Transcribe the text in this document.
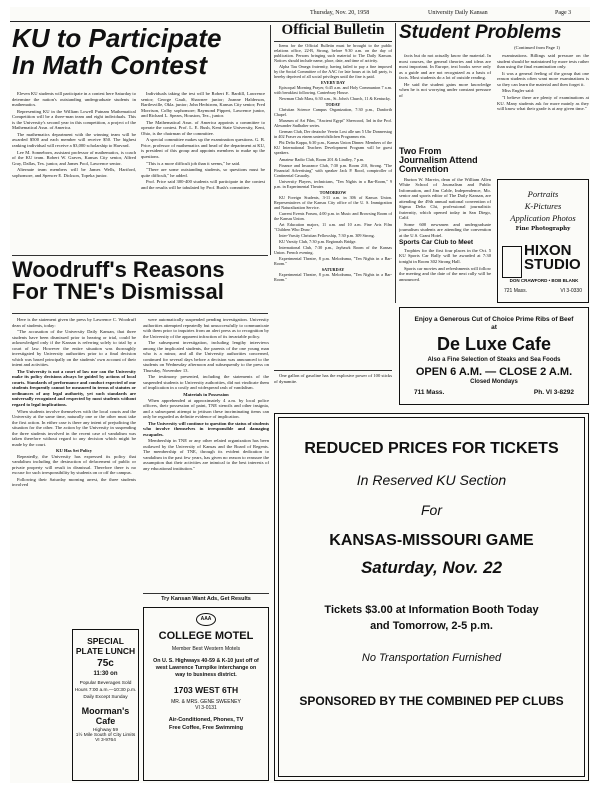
Thursday, Nov. 20, 1958	University Daily Kansan	Page 3
KU to Participate
In Math Contest

Eleven KU students will participate in a contest here Saturday to determine the nation's outstanding undergraduate students in mathematics.

Representing KU in the William Lowell Putnam Mathematical Competition will be a three-man team and eight individuals. This is the University's second year in this competition, a project of the Mathematical Assn. of America.

The mathematics department with the winning team will be awarded $500 and each member will receive $50. The highest ranking individual will receive a $3,000 scholarship to Harvard.

Lee M. Sonneborn, assistant professor of mathematics, is coach of the KU team. Robert W. Graves, Kansas City senior, Alfred Gray, Dallas, Tex. junior, and James Pool, Lawrence senior.

Alternate team members will be James Wells, Hartford, sophomore, and Spencer E. Dickson, Topeka junior.

Individuals taking the test will be Robert E. Bardill, Lawrence senior; George Gault, Shawnee junior; Joanne Halderson, Bartlesville, Okla. junior; John Hedstrom, Kansas City senior; Fred Morrison, Colby sophomore; Raymond Pippert, Lawrence junior, and Richard L. Spears, Houston, Tex., junior.

The Mathematical Assn. of America appoints a committee to operate the contest. Prof. L. E. Bush, Kent State University, Kent, Ohio, is the chairman of the committee.

A special committee makes up the examination questions. G. B. Price, professor of mathematics and head of the department at KU, is president of this group and appoints members to make up the questions.

"This is a more difficult job than it seems," he said.

"There are some outstanding students, so questions must be quite difficult," he added.

Prof. Price said 300-400 students will participate in the contest and the results will be tabulated by Prof. Bush's committee.

Official Bulletin

Items for the Official Bulletin must be brought to the public relations office, 22-B, Strong, before 9:30 a.m. on the day of publication. Persons bringing such material to The Daily Kansan. Notices should include name, place, date, and time of activity.

Alpha Tau Omega fraternity, having failed to pay a fine imposed by the Social Committee of the AAC for late hours at its fall party, is hereby deprived of all social privileges until the fine is paid.

EVERY DAY

Episcopal Morning Prayer, 6:45 a.m. and Holy Communion 7 a.m. with breakfast following. Canterbury House.

Newman Club Mass, 6:30 a.m., St. John's Church, 11 & Kentucky.

TODAY

Christian Science Campus Organization, 7:30 p.m., Danforth Chapel.

Museum of Art Film, "Ancient Egypt" Sherwood, 3rd in the Prof. Alexander Sudhalter series.

German Club, Der deutsche Verein Lost alle um 5 Uhr Donnerstag in 402 Fraser zu einem unterrichtlichen Programm ein.

Phi Delta Kappa, 6:30 p.m., Kansas Union Dinner. Members of the KU International Teachers Development Program will be guest speakers.

Amateur Radio Club, Room 201 & Lindley, 7 p.m.

Finance and Insurance Club, 7:30 p.m. Room 210, Strong. "The Financial Advertising" with speaker Jack P. Rood, comptroller of Continental Casualty.

University Players, technicians, "Ten Nights in a Bar-Room," 9 p.m. in Experimental Theater.

TOMORROW

KU Foreign Students, 3-11 a.m. in 306 of Kansas Union. Representatives of the Kansas City office of the U. S. Immigration and Naturalization Service.

Current Events Forum, 4:00 p.m. in Music and Browsing Room of the Kansas Union.

Art Education majors, 11 a.m. and 10 a.m. Fine Arts Film "Children Who Draw."

Inter-Varsity Christian Fellowship, 7:30 p.m. 309 Strong.

KU Varsity Club, 7:30 p.m. Regionals Bridge.

International Club, 7:30 p.m., Jayhawk Room of the Kansas Union. French evening.

Experimental Theatre, 8 p.m. Melodrama, "Ten Nights in a Bar-Room."

SATURDAY

Experimental Theatre, 8 p.m. Melodrama, "Ten Nights in a Bar-Room."

One gallon of gasoline has the explosive power of 100 sticks of dynamite.

Student Problems
(Continued from Page 1)

facts but do not actually know the material. In most courses, the general theories and ideas are most important. In Europe, text books serve only as a guide and are not recognized as a basis of facts. Most students do a lot of outside reading.

He said the student gains more knowledge when he is not worrying under constant pressure of

examinations. Billings said pressure on the student should be maintained by more tests rather than using the final examination only.

It was a general feeling of the group that one reason students often want more examinations is so they can learn the material and then forget it.

Miss Engler said:

"I believe there are plenty of examinations at KU. Many students ask for more mainly as they will know what their grade is at any given time."

Two From Journalism Attend Convention

Burton W. Marvin, dean of the William Allen White School of Journalism and Public Information, and Jim Cable, Independence, Mo. senior and sports editor of The Daily Kansan, are attending the 49th annual national convention of Sigma Delta Chi, professional journalistic fraternity, which opened today in San Diego, Calif.

Some 600 newsmen and undergraduate journalism students are attending the convention at the U.S. Grant Hotel.

Sports Car Club to Meet

Trophies for the first four places in the Oct. 5 KU Sports Car Rally will be awarded at 7:30 tonight in Room 302 Strong Hall.

Sports car movies and refreshments will follow the meeting and the date of the next rally will be announced.

Portraits
K-Pictures
Application Photos
Fine Photography
HIXON
STUDIO
DON CRAWFORD • BOB BLANK
721 Mass.	VI 3-0330
Enjoy a Generous Cut of Choice Prime Ribs of Beef at
De Luxe Cafe
Also a Fine Selection of Steaks and Sea Foods
OPEN 6 A.M. — CLOSE 2 A.M.
Closed Mondays
711 Mass.	Ph. VI 3-8292
Woodruff's Reasons
For TNE's Dismissal

Here is the statement given the press by Lawrence C. Woodruff dean of students, today:

"The accusation of the University Daily Kansan, that three students have been dismissed prior to hearing or trial, could be acknowledged only if the Kansan is referring solely to trial by a court of law. However the entire situation was thoroughly investigated by University authorities prior to a final decision which was based principally on the students' own account of their intent and activities.

The University is not a court of law nor can the University make its policy decisions always be guided by actions of local courts. Standards of performance and conduct expected of our students frequently cannot be measured in terms of statutes or ordinances of any legal authority, yet such standards are universally recognized and respected by most students without regard to legal implications.

When students involve themselves with the local courts and the University at the same time, naturally one or the other must take the first action. In either case is there any intent of prejudicing the situation for the other. The action by the University in suspending the three students involved in the recent case of vandalism was taken therefore without regard to any decision which might be made by the court.

KU Has Set Policy

Repeatedly, the University has expressed its policy that vandalism including the destruction of defacement of public or private property will result in dismissal. Therefore there is no excuse for such irresponsibility by students on or off the campus.

Following their Saturday morning arrest, the three students involved

were automatically suspended pending investigation. University authorities attempted repeatedly but unsuccessfully to communicate with them prior to inquiries from an alert press as to recognition by the University of the apparent infraction of its invariable policy.

The subsequent investigation, including lengthy interviews among the implicated students, the parents of the one young man who is a minor, and all the University authorities concerned, continued for several days before a decision was announced to the students on Wednesday afternoon and subsequently to the press on Thursday, November 13.

The testimony presented, including the statements of the suspended students to University authorities, did not vindicate them of implication in a costly and widespread rash of vandalism.

Materials in Possession

When apprehended at approximately 4 a.m. by local police officers, their possession of paint, TNE stencils and other insignia, and a subsequent attempt to jettison these incriminating items can only be regarded as definite evidence of implication.

The University will continue to question the status of students who involve themselves in irresponsible and damaging escapades.

Membership in TNE or any other related organization has been outlawed by the University of Kansas and the Board of Regents. The membership of TNE, through its evident dedication to vandalism in the past few years, has given no reason to reassure the assumption that their activities are inimical to the best interests of any educational institution."

Try Kansan Want Ads, Get Results
SPECIAL
PLATE LUNCH
75c
11:30 on
Popular Beverages Sold
Hours 7:00 a.m.—10:30 p.m.
Daily Except Sunday
Moorman's Cafe
Highway 59
1½ Mile South of City Limits
VI 3-9764
AAA
COLLEGE MOTEL
Member Best Western Motels
On U. S. Highways 40-59 & K-10 just off of west Lawrence Turnpike interchange on way to business district.
1703 WEST 6TH
MR. & MRS. GENE SWEENEY
VI 3-0131
Air-Conditioned, Phones, TV
Free Coffee, Free Swimming
REDUCED PRICES FOR TICKETS
In Reserved KU Section
For
KANSAS-MISSOURI GAME
Saturday, Nov. 22
Tickets $3.00 at Information Booth Today
and Tomorrow, 2-5 p.m.
No Transportation Furnished
SPONSORED BY THE COMBINED PEP CLUBS
